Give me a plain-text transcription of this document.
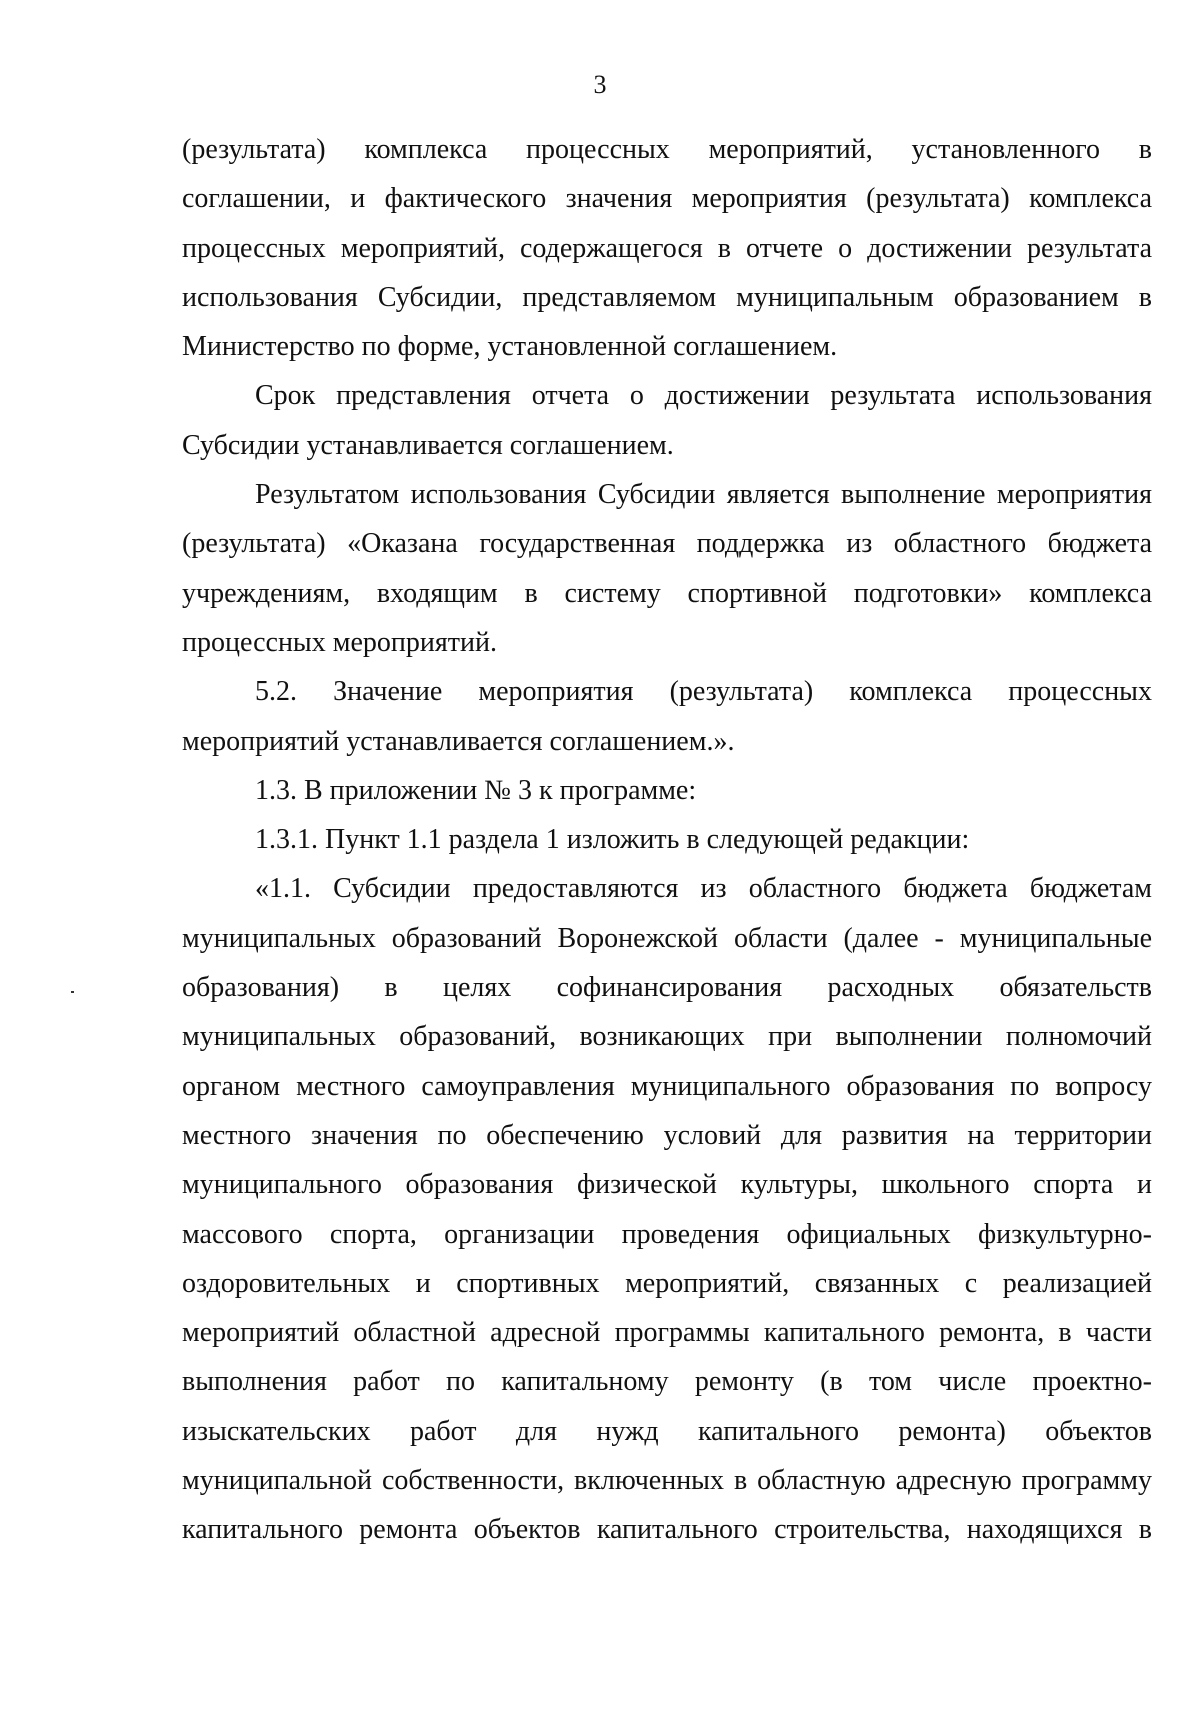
3
(результата) комплекса процессных мероприятий, установленного в
соглашении, и фактического значения мероприятия (результата) комплекса
процессных мероприятий, содержащегося в отчете о достижении результата
использования Субсидии, представляемом муниципальным образованием в
Министерство по форме, установленной соглашением.
Срок представления отчета о достижении результата использования
Субсидии устанавливается соглашением.
Результатом использования Субсидии является выполнение мероприятия
(результата) «Оказана государственная поддержка из областного бюджета
учреждениям, входящим в систему спортивной подготовки» комплекса
процессных мероприятий.
5.2. Значение мероприятия (результата) комплекса процессных
мероприятий устанавливается соглашением.».
1.3. В приложении № 3 к программе:
1.3.1. Пункт 1.1 раздела 1 изложить в следующей редакции:
«1.1. Субсидии предоставляются из областного бюджета бюджетам
муниципальных образований Воронежской области (далее - муниципальные
образования) в целях софинансирования расходных обязательств
муниципальных образований, возникающих при выполнении полномочий
органом местного самоуправления муниципального образования по вопросу
местного значения по обеспечению условий для развития на территории
муниципального образования физической культуры, школьного спорта и
массового спорта, организации проведения официальных физкультурно-
оздоровительных и спортивных мероприятий, связанных с реализацией
мероприятий областной адресной программы капитального ремонта, в части
выполнения работ по капитальному ремонту (в том числе проектно-
изыскательских работ для нужд капитального ремонта) объектов
муниципальной собственности, включенных в областную адресную программу
капитального ремонта объектов капитального строительства, находящихся в
